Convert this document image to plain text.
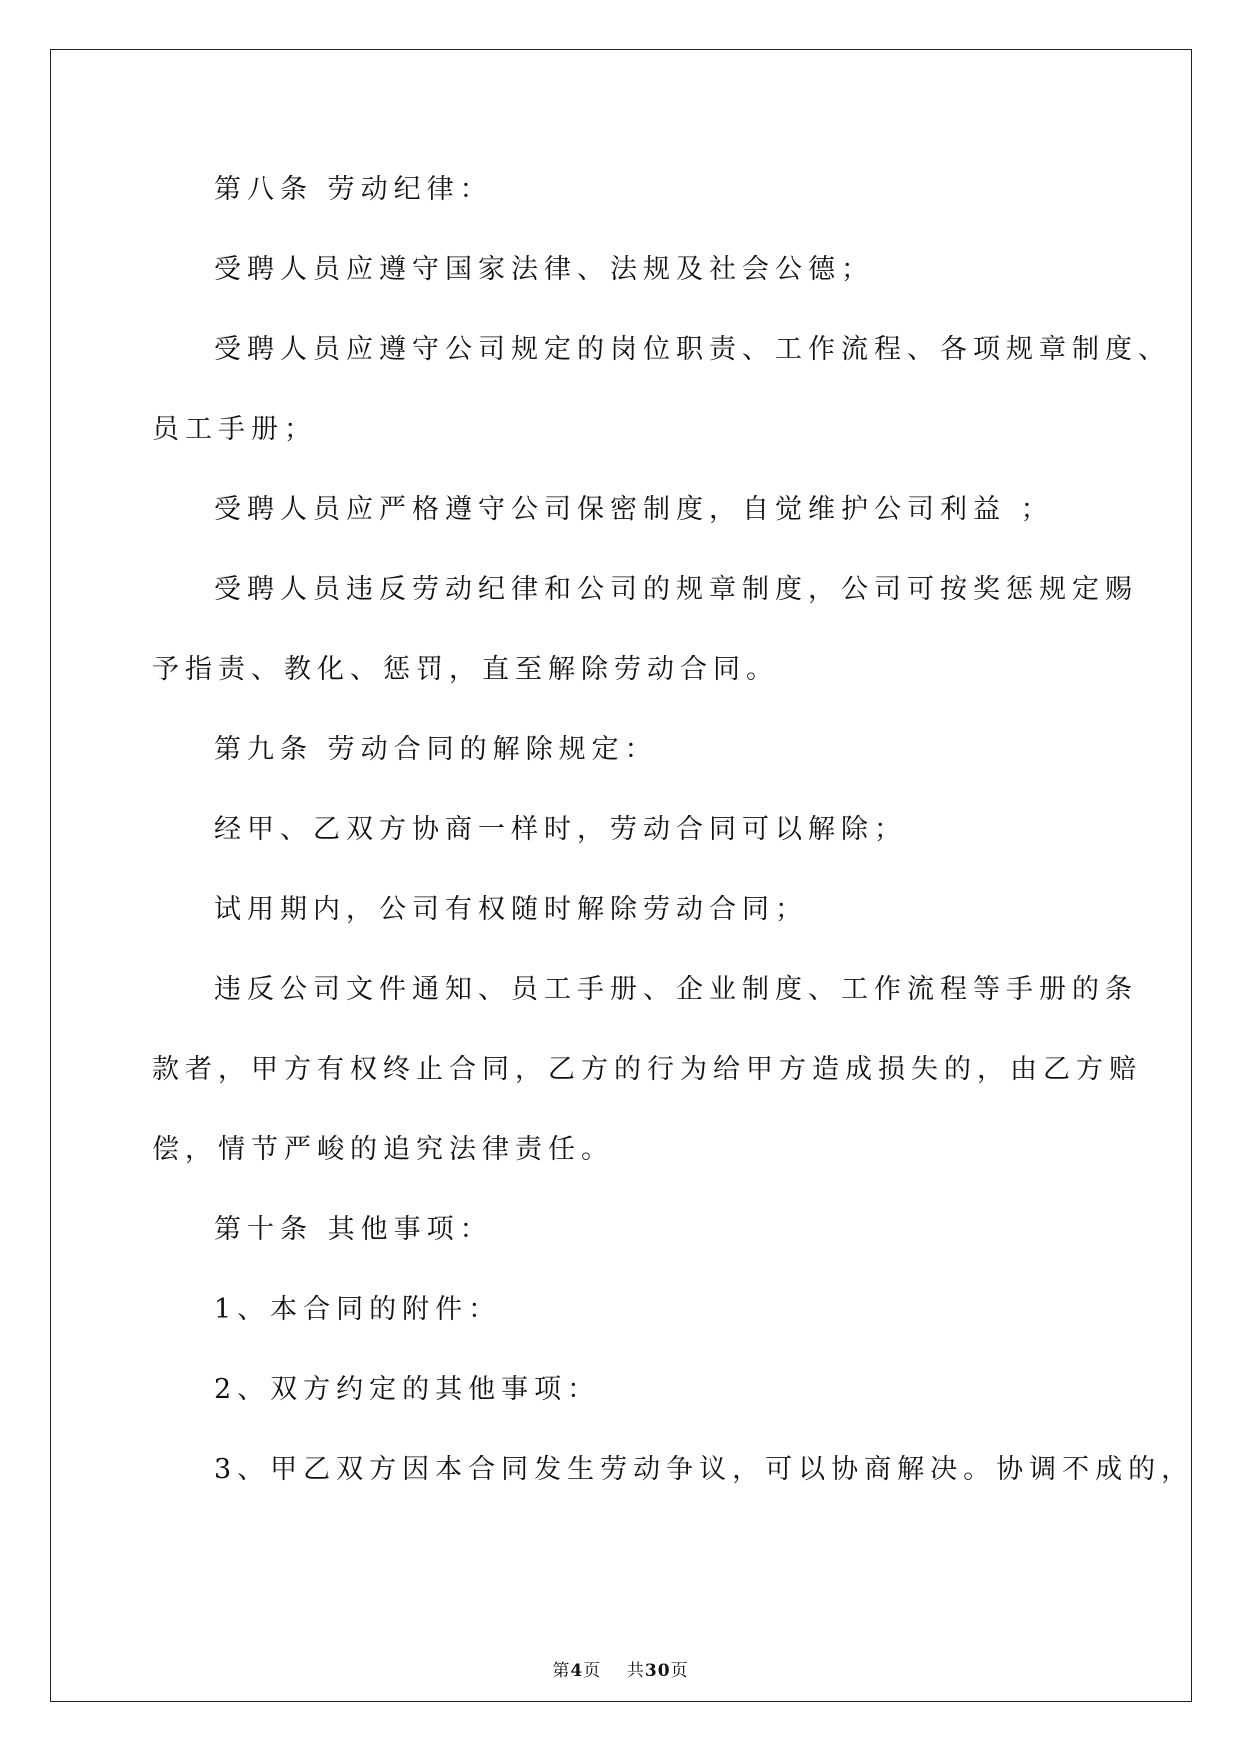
第八条 劳动纪律：
受聘人员应遵守国家法律、法规及社会公德；
受聘人员应遵守公司规定的岗位职责、工作流程、各项规章制度、
员工手册；
受聘人员应严格遵守公司保密制度，自觉维护公司利益 ；
受聘人员违反劳动纪律和公司的规章制度，公司可按奖惩规定赐
予指责、教化、惩罚，直至解除劳动合同。
第九条 劳动合同的解除规定：
经甲、乙双方协商一样时，劳动合同可以解除；
试用期内，公司有权随时解除劳动合同；
违反公司文件通知、员工手册、企业制度、工作流程等手册的条
款者，甲方有权终止合同，乙方的行为给甲方造成损失的，由乙方赔
偿，情节严峻的追究法律责任。
第十条 其他事项：
1、本合同的附件：
2、双方约定的其他事项：
3、甲乙双方因本合同发生劳动争议，可以协商解决。协调不成的，
第4页 共30页
